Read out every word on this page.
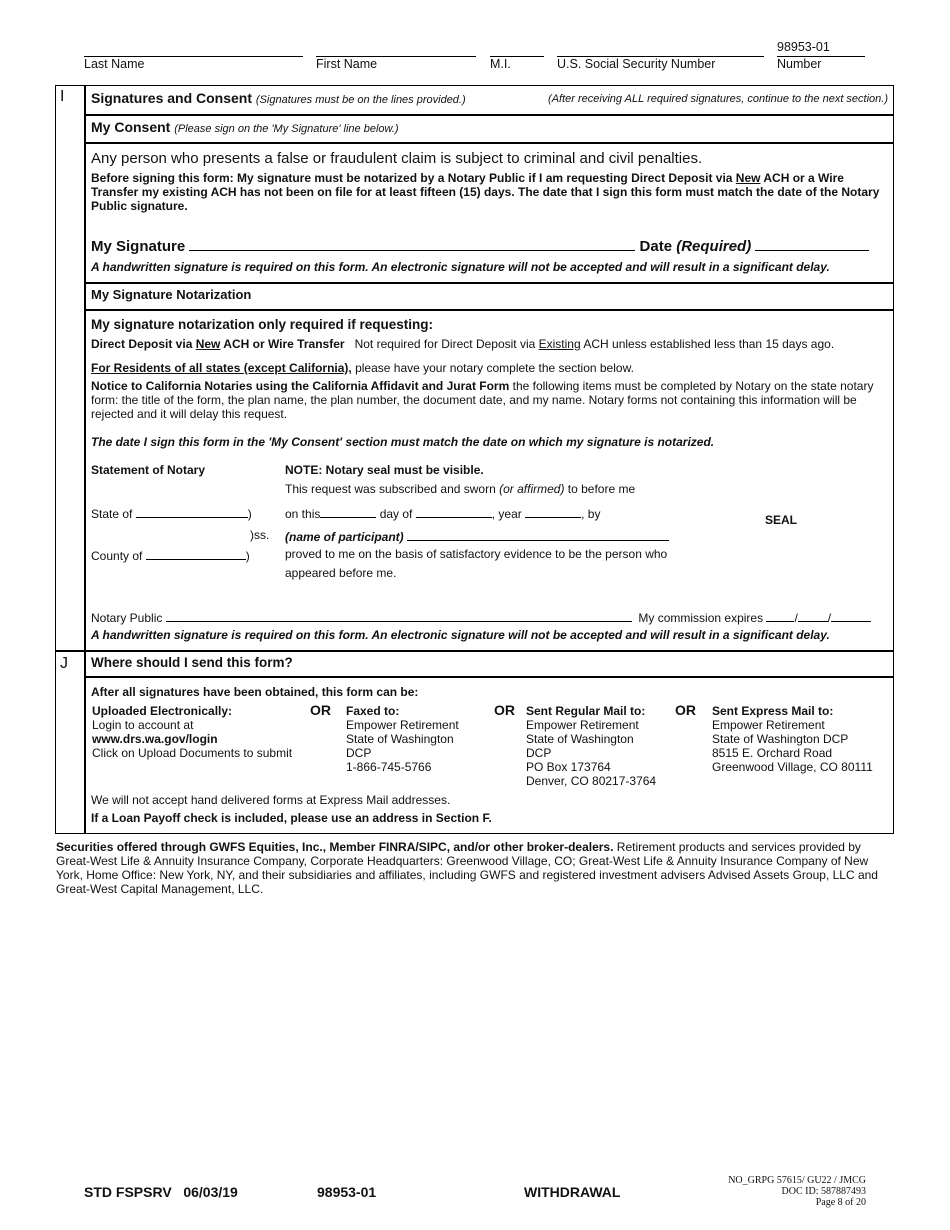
Last Name	First Name	M.I.	U.S. Social Security Number
98953-01
Number
I Signatures and Consent (Signatures must be on the lines provided.)	(After receiving ALL required signatures, continue to the next section.)
My Consent (Please sign on the 'My Signature' line below.)
Any person who presents a false or fraudulent claim is subject to criminal and civil penalties.
Before signing this form: My signature must be notarized by a Notary Public if I am requesting Direct Deposit via New ACH or a Wire Transfer my existing ACH has not been on file for at least fifteen (15) days. The date that I sign this form must match the date of the Notary Public signature.
My Signature	Date (Required)
A handwritten signature is required on this form. An electronic signature will not be accepted and will result in a significant delay.
My Signature Notarization
My signature notarization only required if requesting:
Direct Deposit via New ACH or Wire Transfer Not required for Direct Deposit via Existing ACH unless established less than 15 days ago.
For Residents of all states (except California), please have your notary complete the section below.
Notice to California Notaries using the California Affidavit and Jurat Form the following items must be completed by Notary on the state notary form: the title of the form, the plan name, the plan number, the document date, and my name. Notary forms not containing this information will be rejected and it will delay this request.
The date I sign this form in the 'My Consent' section must match the date on which my signature is notarized.
Statement of Notary	NOTE: Notary seal must be visible.
This request was subscribed and sworn (or affirmed) to before me
State of	)	on this	day of	, year	, by	SEAL
)ss. (name of participant)
County of	)	proved to me on the basis of satisfactory evidence to be the person who
appeared before me.
Notary Public	My commission expires	/	/
A handwritten signature is required on this form. An electronic signature will not be accepted and will result in a significant delay.
J Where should I send this form?
After all signatures have been obtained, this form can be:
Uploaded Electronically:
Login to account at
www.drs.wa.gov/login
Click on Upload Documents to submit
OR Faxed to:
Empower Retirement
State of Washington
DCP
1-866-745-5766
OR Sent Regular Mail to:
Empower Retirement
State of Washington
DCP
PO Box 173764
Denver, CO 80217-3764
OR Sent Express Mail to:
Empower Retirement
State of Washington DCP
8515 E. Orchard Road
Greenwood Village, CO 80111
We will not accept hand delivered forms at Express Mail addresses.
If a Loan Payoff check is included, please use an address in Section F.
Securities offered through GWFS Equities, Inc., Member FINRA/SIPC, and/or other broker-dealers. Retirement products and services provided by Great-West Life & Annuity Insurance Company, Corporate Headquarters: Greenwood Village, CO; Great-West Life & Annuity Insurance Company of New York, Home Office: New York, NY, and their subsidiaries and affiliates, including GWFS and registered investment advisers Advised Assets Group, LLC and Great-West Capital Management, LLC.
STD FSPSRV   06/03/19	98953-01	WITHDRAWAL
NO_GRPG 57615/ GU22 / JMCG
DOC ID: 587887493
Page 8 of 20
